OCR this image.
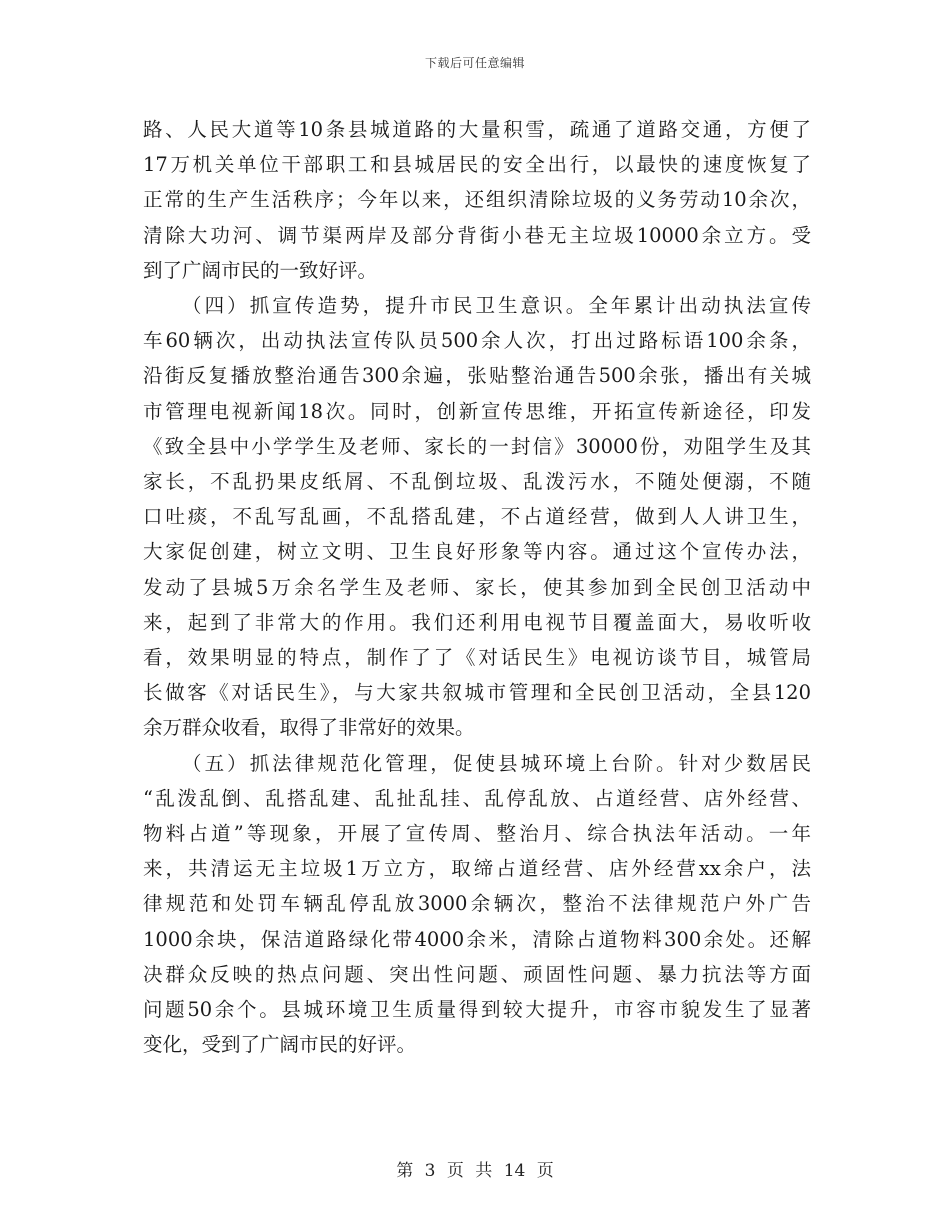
下载后可任意编辑

路、人民大道等10条县城道路的大量积雪，疏通了道路交通，方便了
17万机关单位干部职工和县城居民的安全出行，以最快的速度恢复了
正常的生产生活秩序；今年以来，还组织清除垃圾的义务劳动10余次，
清除大功河、调节渠两岸及部分背街小巷无主垃圾10000余立方。受
到了广阔市民的一致好评。

（四）抓宣传造势，提升市民卫生意识。全年累计出动执法宣传
车60辆次，出动执法宣传队员500余人次，打出过路标语100余条，
沿街反复播放整治通告300余遍，张贴整治通告500余张，播出有关城
市管理电视新闻18次。同时，创新宣传思维，开拓宣传新途径，印发
《致全县中小学学生及老师、家长的一封信》30000份，劝阻学生及其
家长，不乱扔果皮纸屑、不乱倒垃圾、乱泼污水，不随处便溺，不随
口吐痰，不乱写乱画，不乱搭乱建，不占道经营，做到人人讲卫生，
大家促创建，树立文明、卫生良好形象等内容。通过这个宣传办法，
发动了县城5万余名学生及老师、家长，使其参加到全民创卫活动中
来，起到了非常大的作用。我们还利用电视节目覆盖面大，易收听收
看，效果明显的特点，制作了了《对话民生》电视访谈节目，城管局
长做客《对话民生》，与大家共叙城市管理和全民创卫活动，全县120
余万群众收看，取得了非常好的效果。

（五）抓法律规范化管理，促使县城环境上台阶。针对少数居民
“乱泼乱倒、乱搭乱建、乱扯乱挂、乱停乱放、占道经营、店外经营、
物料占道”等现象，开展了宣传周、整治月、综合执法年活动。一年
来，共清运无主垃圾1万立方，取缔占道经营、店外经营xx余户，法
律规范和处罚车辆乱停乱放3000余辆次，整治不法律规范户外广告
1000余块，保洁道路绿化带4000余米，清除占道物料300余处。还解
决群众反映的热点问题、突出性问题、顽固性问题、暴力抗法等方面
问题50余个。县城环境卫生质量得到较大提升，市容市貌发生了显著
变化，受到了广阔市民的好评。

第 3 页 共 14 页
